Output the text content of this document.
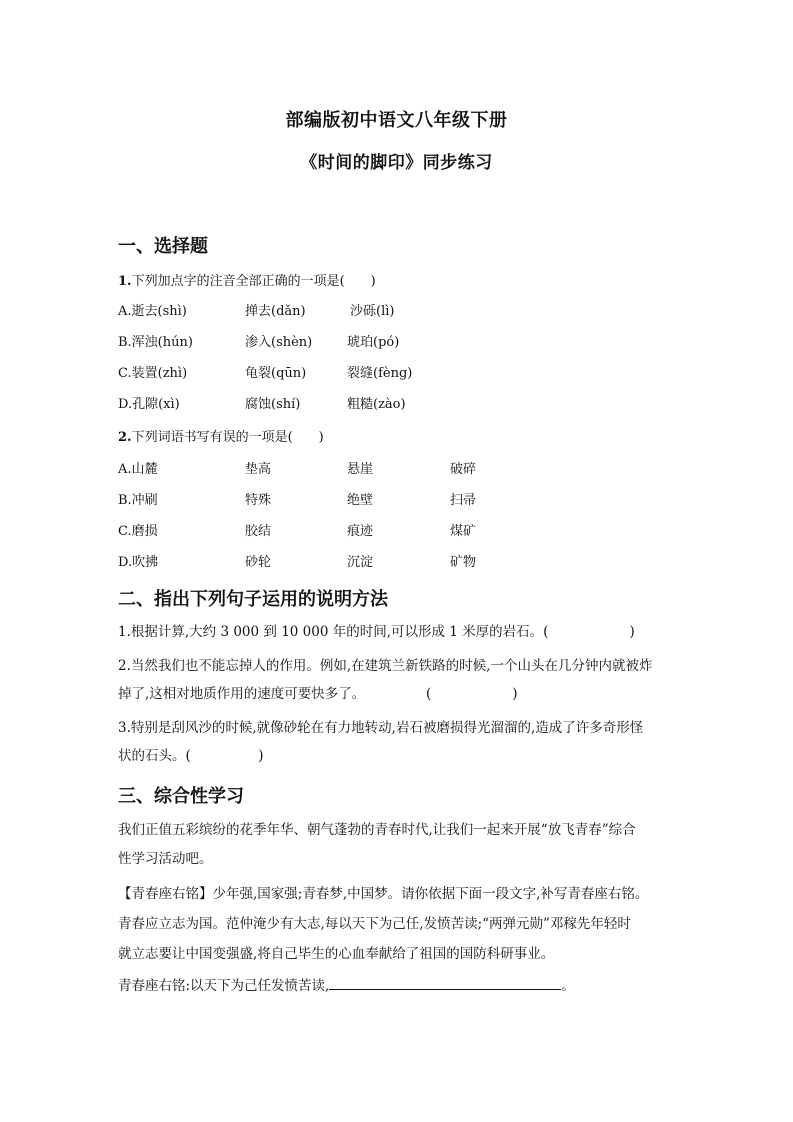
部编版初中语文八年级下册
《时间的脚印》同步练习
一、选择题
1.下列加点字的注音全部正确的一项是(　　)
A.逝去(shì)	掸去(dǎn)	沙砾(lì)
B.浑浊(hún)	渗入(shèn)	琥珀(pó)
C.装置(zhì)	龟裂(qūn)	裂缝(fèng)
D.孔隙(xì)	腐蚀(shí)	粗糙(zào)
2.下列词语书写有误的一项是(　　)
A.山麓	垫高	悬崖	破碎
B.冲刷	特殊	绝壁	扫帚
C.磨损	胶结	痕迹	煤矿
D.吹拂	砂轮	沉淀	矿物
二、指出下列句子运用的说明方法
1.根据计算,大约 3 000 到 10 000 年的时间,可以形成 1 米厚的岩石。(　　　　　　)
2.当然我们也不能忘掉人的作用。例如,在建筑兰新铁路的时候,一个山头在几分钟内就被炸
掉了,这相对地质作用的速度可要快多了。　　　　　(　　　　　　)
3.特别是刮风沙的时候,就像砂轮在有力地转动,岩石被磨损得光溜溜的,造成了许多奇形怪
状的石头。(　　　　　)
三、综合性学习
我们正值五彩缤纷的花季年华、朝气蓬勃的青春时代,让我们一起来开展“放飞青春”综合
性学习活动吧。
【青春座右铭】少年强,国家强;青春梦,中国梦。请你依据下面一段文字,补写青春座右铭。
青春应立志为国。范仲淹少有大志,每以天下为己任,发愤苦读;“两弹元勋”邓稼先年轻时
就立志要让中国变强盛,将自己毕生的心血奉献给了祖国的国防科研事业。
青春座右铭:以天下为己任发愤苦读,	。
